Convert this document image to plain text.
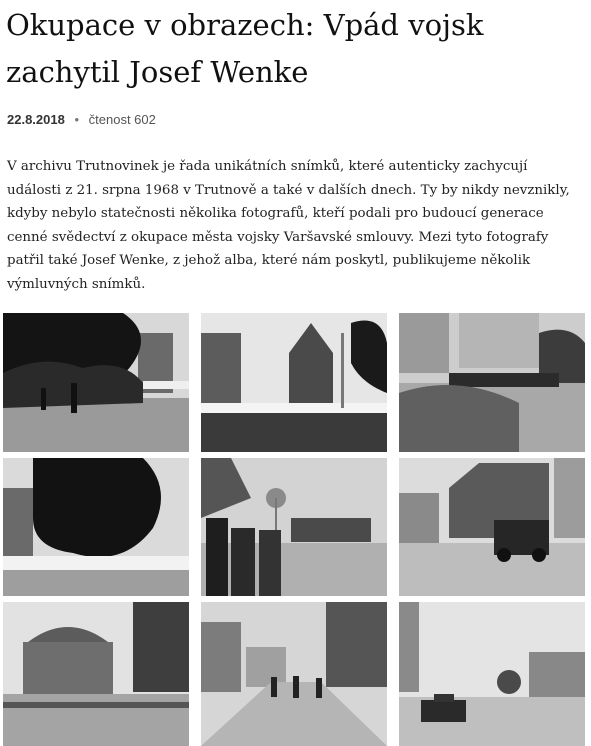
Okupace v obrazech: Vpád vojsk zachytil Josef Wenke
22.8.2018 • čtenost 602

V archivu Trutnovinek je řada unikátních snímků, které autenticky zachycují události z 21. srpna 1968 v Trutnově a také v dalších dnech. Ty by nikdy nevznikly, kdyby nebylo statečnosti několika fotografů, kteří podali pro budoucí generace cenné svědectví z okupace města vojsky Varšavské smlouvy. Mezi tyto fotografy patřil také Josef Wenke, z jehož alba, které nám poskytl, publikujeme několik výmluvných snímků.
